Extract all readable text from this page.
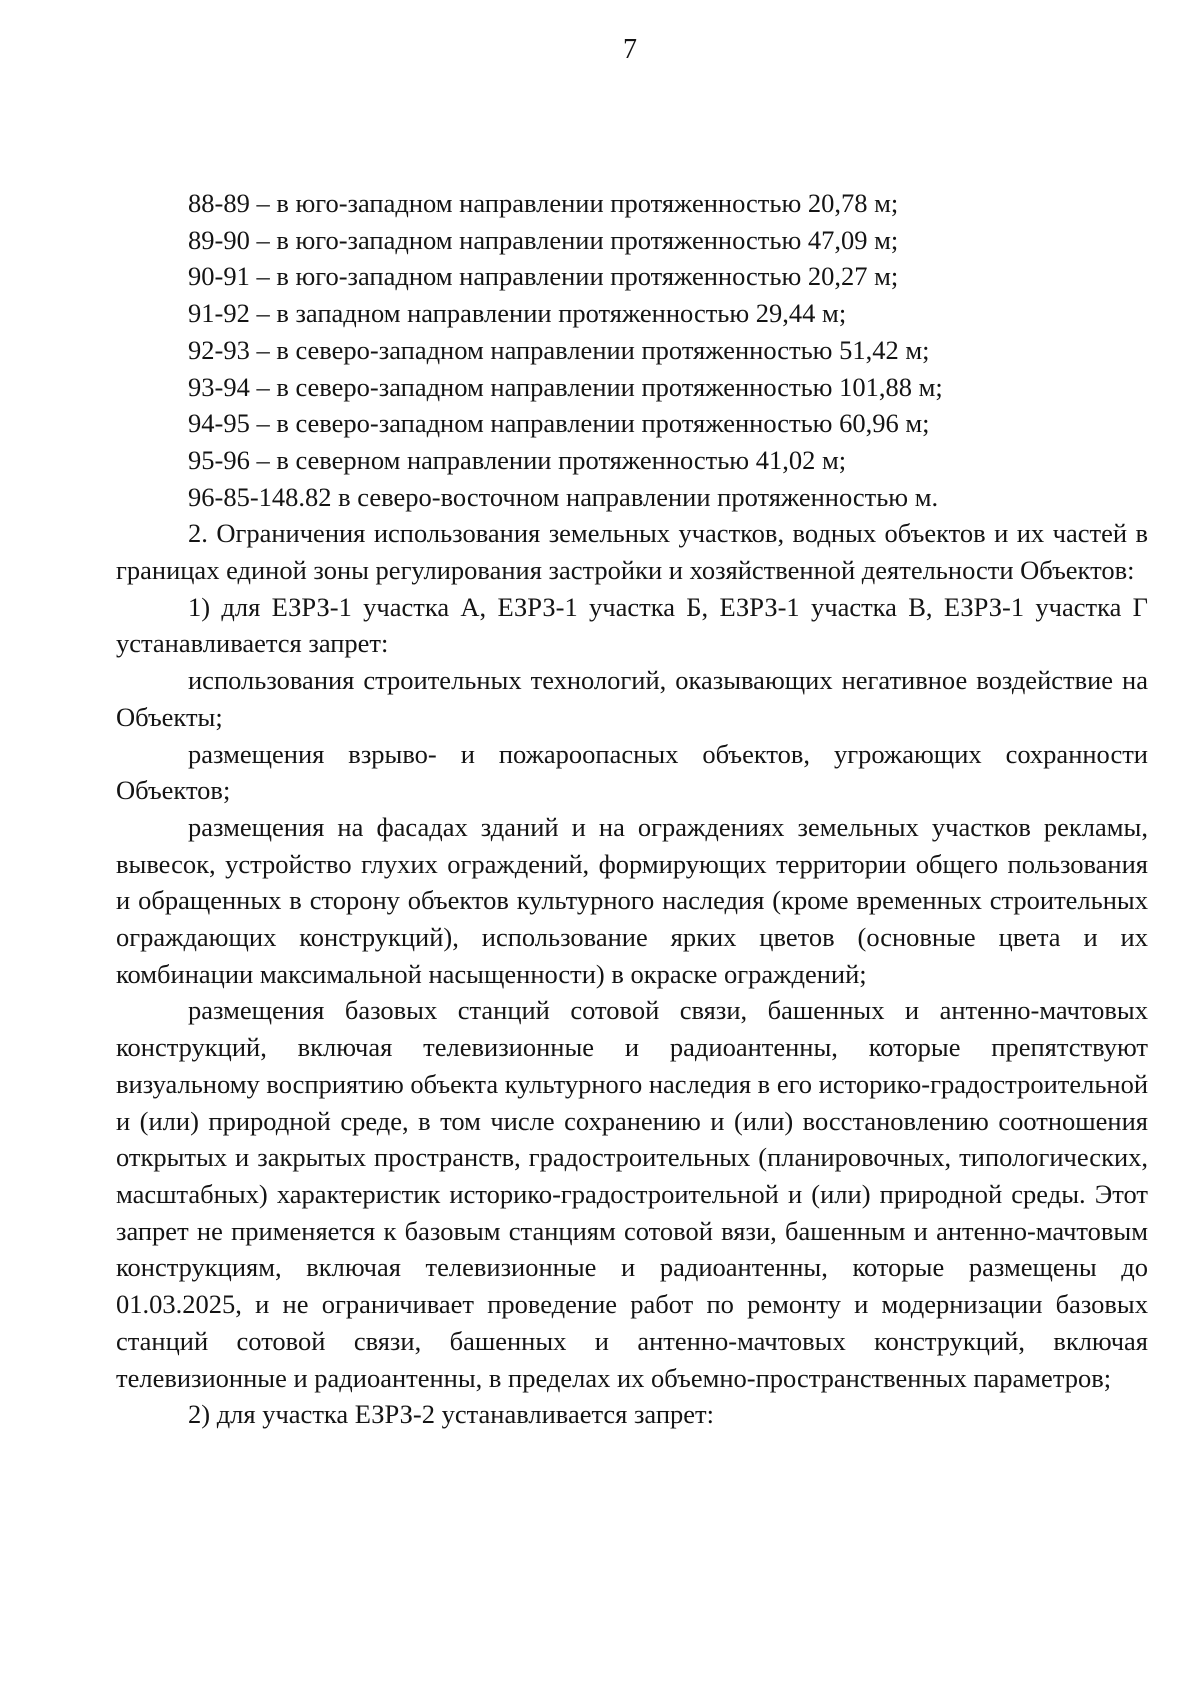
7
88-89 – в юго-западном направлении протяженностью 20,78 м;
89-90 – в юго-западном направлении протяженностью 47,09 м;
90-91 – в юго-западном направлении протяженностью 20,27 м;
91-92 – в западном направлении протяженностью 29,44 м;
92-93 – в северо-западном направлении протяженностью 51,42 м;
93-94 – в северо-западном направлении протяженностью 101,88 м;
94-95 – в северо-западном направлении протяженностью 60,96 м;
95-96 – в северном направлении протяженностью 41,02 м;
96-85-148.82 в северо-восточном направлении протяженностью м.

2. Ограничения использования земельных участков, водных объектов и их частей в границах единой зоны регулирования застройки и хозяйственной деятельности Объектов:

1) для ЕЗРЗ-1 участка А, ЕЗРЗ-1 участка Б, ЕЗРЗ-1 участка В, ЕЗРЗ-1 участка Г устанавливается запрет:

использования строительных технологий, оказывающих негативное воздействие на Объекты;

размещения взрыво- и пожароопасных объектов, угрожающих сохранности Объектов;

размещения на фасадах зданий и на ограждениях земельных участков рекламы, вывесок, устройство глухих ограждений, формирующих территории общего пользования и обращенных в сторону объектов культурного наследия (кроме временных строительных ограждающих конструкций), использование ярких цветов (основные цвета и их комбинации максимальной насыщенности) в окраске ограждений;

размещения базовых станций сотовой связи, башенных и антенно-мачтовых конструкций, включая телевизионные и радиоантенны, которые препятствуют визуальному восприятию объекта культурного наследия в его историко-градостроительной и (или) природной среде, в том числе сохранению и (или) восстановлению соотношения открытых и закрытых пространств, градостроительных (планировочных, типологических, масштабных) характеристик историко-градостроительной и (или) природной среды. Этот запрет не применяется к базовым станциям сотовой вязи, башенным и антенно-мачтовым конструкциям, включая телевизионные и радиоантенны, которые размещены до 01.03.2025, и не ограничивает проведение работ по ремонту и модернизации базовых станций сотовой связи, башенных и антенно-мачтовых конструкций, включая телевизионные и радиоантенны, в пределах их объемно-пространственных параметров;

2) для участка ЕЗРЗ-2 устанавливается запрет:
